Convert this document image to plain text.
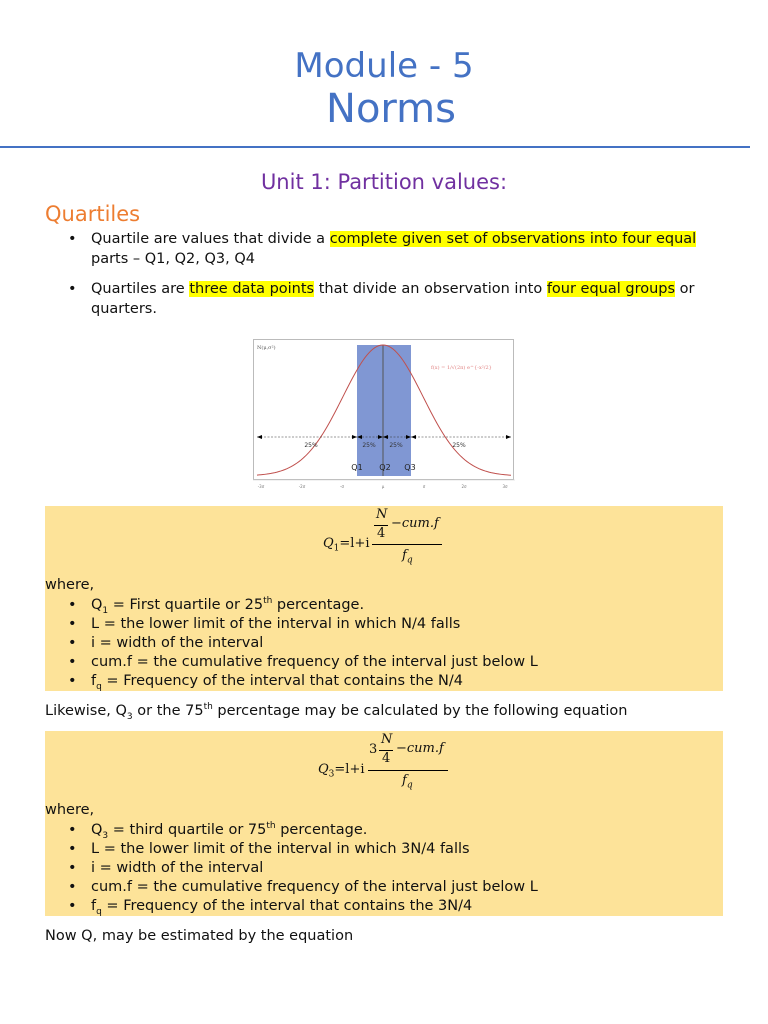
Module - 5
Norms
Unit 1: Partition values:
Quartiles
• Quartile are values that divide a complete given set of observations into four equal
parts – Q1, Q2, Q3, Q4
• Quartiles are three data points that divide an observation into four equal groups or
quarters.
N(μ,σ²)
f(x) = 1/√(2π) e^{-x²/2}
25%	25% 25%	25%
Q1 Q2 Q3
-3σ	-2σ	-σ	μ	σ	2σ	3σ
$Q_1=l+i$
N
4
−cum.f
$f_q$
where,
• $Q_1$ = First quartile or 25th percentage.
• L = the lower limit of the interval in which N/4 falls
• i = width of the interval
• cum.f = the cumulative frequency of the interval just below L
• $f_q$ = Frequency of the interval that contains the N/4
Likewise, $Q_3$ or the 75th percentage may be calculated by the following equation
$Q_3=l+i$
3
N
4
−cum.f
$f_q$
where,
• $Q_3$ = third quartile or 75th percentage.
• L = the lower limit of the interval in which 3N/4 falls
• i = width of the interval
• cum.f = the cumulative frequency of the interval just below L
• $f_q$ = Frequency of the interval that contains the 3N/4
Now Q, may be estimated by the equation
